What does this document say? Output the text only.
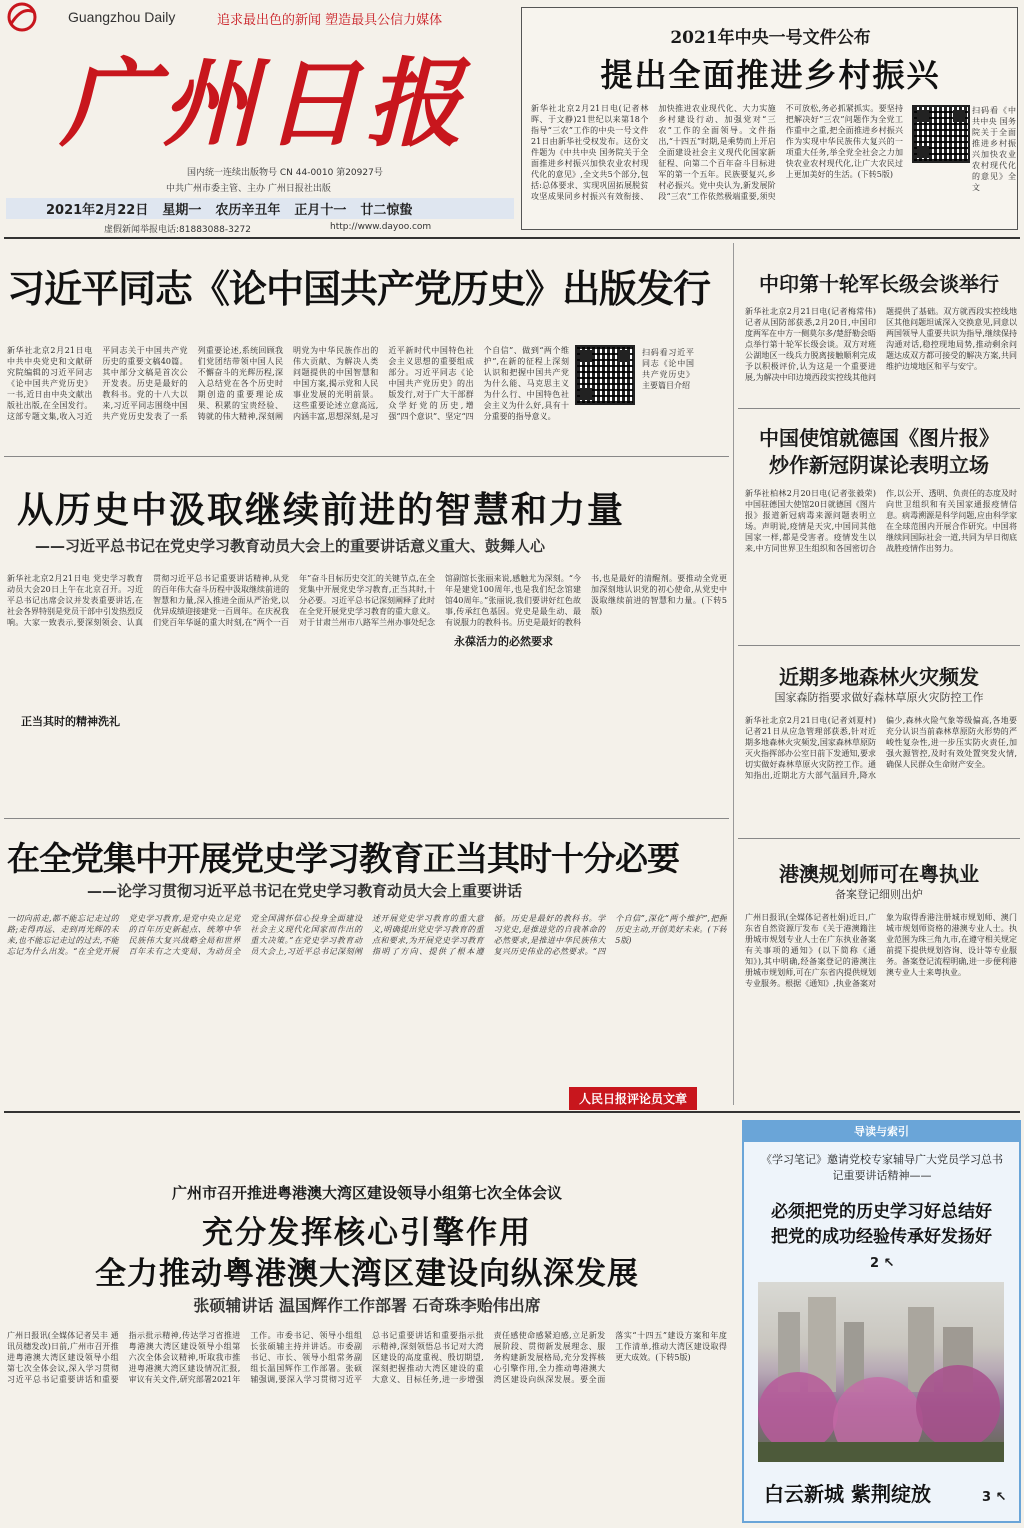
Guangzhou Daily	追求最出色的新闻 塑造最具公信力媒体
广州日报
国内统一连续出版物号 CN 44-0010 第20927号
中共广州市委主管、主办 广州日报社出版
2021年2月22日 星期一 农历辛丑年 正月十一 廿二惊蛰
虚假新闻举报电话:81883088-3272	http://www.dayoo.com
2021年中央一号文件公布
提出全面推进乡村振兴
新华社北京2月21日电(记者林晖、于文静)21世纪以来第18个指导“三农”工作的中央一号文件21日由新华社受权发布。这份文件题为《中共中央 国务院关于全面推进乡村振兴加快农业农村现代化的意见》,全文共5个部分,包括:总体要求、实现巩固拓展脱贫攻坚成果同乡村振兴有效衔接、加快推进农业现代化、大力实施乡村建设行动、加强党对“三农”工作的全面领导。文件指出,“十四五”时期,是乘势而上开启全面建设社会主义现代化国家新征程、向第二个百年奋斗目标进军的第一个五年。民族要复兴,乡村必振兴。党中央认为,新发展阶段“三农”工作依然极端重要,须臾不可放松,务必抓紧抓实。要坚持把解决好“三农”问题作为全党工作重中之重,把全面推进乡村振兴作为实现中华民族伟大复兴的一项重大任务,举全党全社会之力加快农业农村现代化,让广大农民过上更加美好的生活。(下转5版)
扫码看《中共中央 国务院关于全面推进乡村振兴加快农业农村现代化的意见》全文
习近平同志《论中国共产党历史》出版发行
新华社北京2月21日电 中共中央党史和文献研究院编辑的习近平同志《论中国共产党历史》一书,近日由中央文献出版社出版,在全国发行。这部专题文集,收入习近平同志关于中国共产党历史的重要文稿40篇。其中部分文稿是首次公开发表。历史是最好的教科书。党的十八大以来,习近平同志围绕中国共产党历史发表了一系列重要论述,系统回顾我们党团结带领中国人民不懈奋斗的光辉历程,深入总结党在各个历史时期创造的重要理论成果、积累的宝贵经验、铸就的伟大精神,深刻阐明党为中华民族作出的伟大贡献、为解决人类问题提供的中国智慧和中国方案,揭示党和人民事业发展的光明前景。这些重要论述立意高远,内涵丰富,思想深刻,是习近平新时代中国特色社会主义思想的重要组成部分。习近平同志《论中国共产党历史》的出版发行,对于广大干部群众学好党的历史,增强“四个意识”、坚定“四个自信”、做到“两个维护”,在新的征程上深刻认识和把握中国共产党为什么能、马克思主义为什么行、中国特色社会主义为什么好,具有十分重要的指导意义。
扫码看习近平同志《论中国共产党历史》主要篇目介绍
从历史中汲取继续前进的智慧和力量
——习近平总书记在党史学习教育动员大会上的重要讲话意义重大、鼓舞人心
新华社北京2月21日电 党史学习教育动员大会20日上午在北京召开。习近平总书记出席会议并发表重要讲话,在社会各界特别是党员干部中引发热烈反响。大家一致表示,要深刻领会、认真贯彻习近平总书记重要讲话精神,从党的百年伟大奋斗历程中汲取继续前进的智慧和力量,深入推进全面从严治党,以优异成绩迎接建党一百周年。在庆祝我们党百年华诞的重大时刻,在“两个一百年”奋斗目标历史交汇的关键节点,在全党集中开展党史学习教育,正当其时,十分必要。习近平总书记深刻阐释了此时在全党开展党史学习教育的重大意义。对于甘肃兰州市八路军兰州办事处纪念馆副馆长张丽来说,感触尤为深刻。“今年是建党100周年,也是我们纪念馆建馆40周年。”张丽说,我们要讲好红色故事,传承红色基因。党史是最生动、最有说服力的教科书。历史是最好的教科书,也是最好的清醒剂。要推动全党更加深刻地认识党的初心使命,从党史中汲取继续前进的智慧和力量。(下转5版)
正当其时的精神洗礼
永葆活力的必然要求
在全党集中开展党史学习教育正当其时十分必要
——论学习贯彻习近平总书记在党史学习教育动员大会上重要讲话
一切向前走,都不能忘记走过的路;走得再远、走到再光辉的未来,也不能忘记走过的过去,不能忘记为什么出发。“在全党开展党史学习教育,是党中央立足党的百年历史新起点、统筹中华民族伟大复兴战略全局和世界百年未有之大变局、为动员全党全国满怀信心投身全面建设社会主义现代化国家而作出的重大决策。”在党史学习教育动员大会上,习近平总书记深刻阐述开展党史学习教育的重大意义,明确提出党史学习教育的重点和要求,为开展党史学习教育指明了方向、提供了根本遵循。历史是最好的教科书。学习党史,是推进党的自我革命的必然要求,是推进中华民族伟大复兴历史伟业的必然要求。“四个自信”,深化“两个维护”,把握历史主动,开创美好未来。(下转5版)
人民日报评论员文章
广州市召开推进粤港澳大湾区建设领导小组第七次全体会议
充分发挥核心引擎作用
全力推动粤港澳大湾区建设向纵深发展
张硕辅讲话 温国辉作工作部署 石奇珠李贻伟出席
广州日报讯(全媒体记者吴丰 通讯员穗发改)日前,广州市召开推进粤港澳大湾区建设领导小组第七次全体会议,深入学习贯彻习近平总书记重要讲话和重要指示批示精神,传达学习省推进粤港澳大湾区建设领导小组第六次全体会议精神,听取我市推进粤港澳大湾区建设情况汇报,审议有关文件,研究部署2021年工作。市委书记、领导小组组长张硕辅主持并讲话。市委副书记、市长、领导小组常务副组长温国辉作工作部署。张硕辅强调,要深入学习贯彻习近平总书记重要讲话和重要指示批示精神,深刻领悟总书记对大湾区建设的高度重视、殷切期望,深刻把握推动大湾区建设的重大意义、目标任务,进一步增强责任感使命感紧迫感,立足新发展阶段、贯彻新发展理念、服务构建新发展格局,充分发挥核心引擎作用,全力推动粤港澳大湾区建设向纵深发展。要全面落实“十四五”建设方案和年度工作清单,推动大湾区建设取得更大成效。(下转5版)
中印第十轮军长级会谈举行
新华社北京2月21日电(记者梅常伟)记者从国防部获悉,2月20日,中国印度两军在中方一侧莫尔多/楚舒勒会晤点举行第十轮军长级会谈。双方对班公湖地区一线兵力脱离接触顺利完成予以积极评价,认为这是一个重要进展,为解决中印边境西段实控线其他问题提供了基础。双方就西段实控线地区其他问题坦诚深入交换意见,同意以两国领导人重要共识为指导,继续保持沟通对话,稳控现地局势,推动剩余问题达成双方都可接受的解决方案,共同维护边境地区和平与安宁。
中国使馆就德国《图片报》
炒作新冠阴谋论表明立场
新华社柏林2月20日电(记者张毅荣)中国驻德国大使馆20日就德国《图片报》报道新冠病毒来源问题表明立场。声明说,疫情是天灾,中国同其他国家一样,都是受害者。疫情发生以来,中方同世界卫生组织和各国密切合作,以公开、透明、负责任的态度及时向世卫组织和有关国家通报疫情信息。病毒溯源是科学问题,应由科学家在全球范围内开展合作研究。中国将继续同国际社会一道,共同为早日彻底战胜疫情作出努力。
近期多地森林火灾频发
国家森防指要求做好森林草原火灾防控工作
新华社北京2月21日电(记者刘夏村)记者21日从应急管理部获悉,针对近期多地森林火灾频发,国家森林草原防灭火指挥部办公室日前下发通知,要求切实做好森林草原火灾防控工作。通知指出,近期北方大部气温回升,降水偏少,森林火险气象等级偏高,各地要充分认识当前森林草原防火形势的严峻性复杂性,进一步压实防火责任,加强火源管控,及时有效处置突发火情,确保人民群众生命财产安全。
港澳规划师可在粤执业
备案登记细则出炉
广州日报讯(全媒体记者杜娟)近日,广东省自然资源厅发布《关于港澳籍注册城市规划专业人士在广东执业备案有关事项的通知》(以下简称《通知》),其中明确,经备案登记的港澳注册城市规划师,可在广东省内提供规划专业服务。根据《通知》,执业备案对象为取得香港注册城市规划师、澳门城市规划师资格的港澳专业人士。执业范围为珠三角九市,在遵守相关规定前提下提供规划咨询、设计等专业服务。备案登记流程明确,进一步便利港澳专业人士来粤执业。
导读与索引
《学习笔记》邀请党校专家辅导广大党员学习总书记重要讲话精神——
必须把党的历史学习好总结好
把党的成功经验传承好发扬好
2 ↖
白云新城 紫荆绽放	3 ↖
